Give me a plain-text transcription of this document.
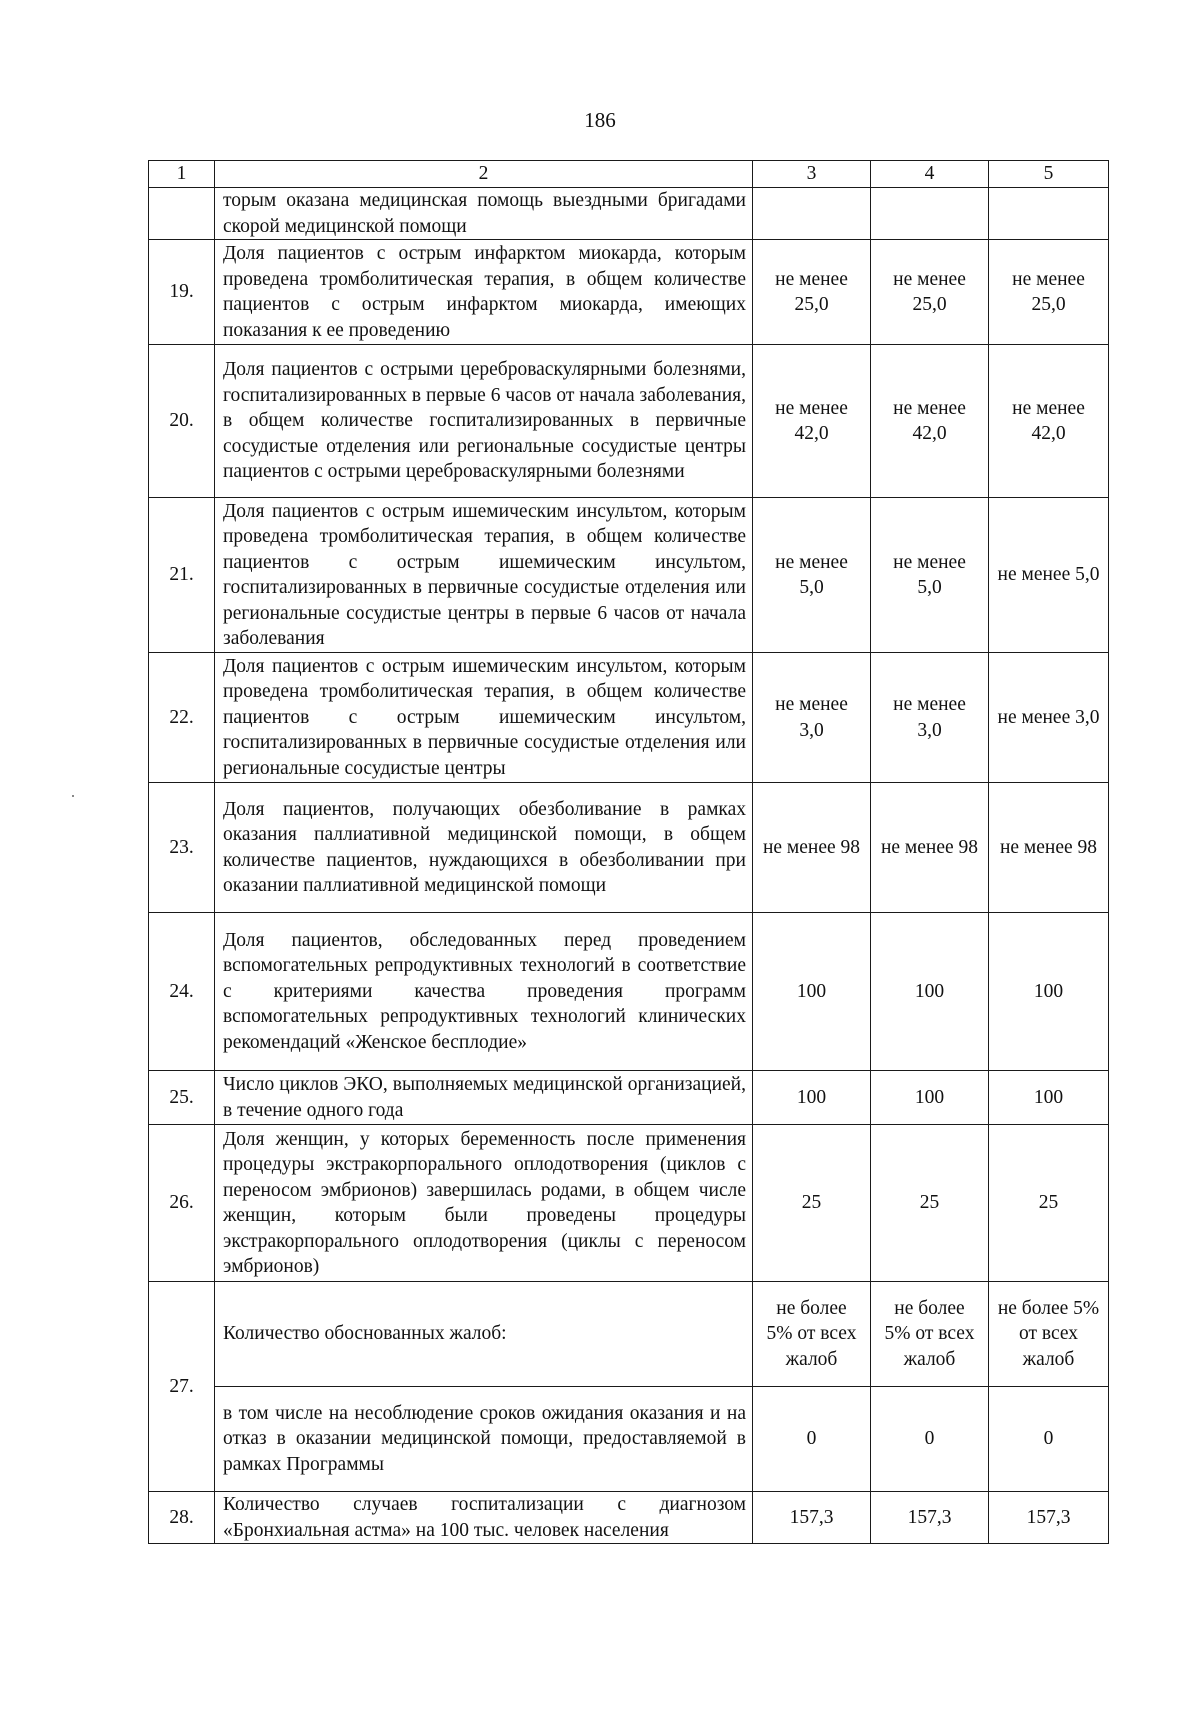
186
1	2	3	4	5
	торым оказана медицинская помощь выездными бригадами скорой медицинской помощи			
19.	Доля пациентов с острым инфарктом миокарда, которым проведена тромболитическая терапия, в общем количестве пациентов с острым инфарктом миокарда, имеющих показания к ее проведению	не менее 25,0	не менее 25,0	не менее 25,0
20.	Доля пациентов с острыми цереброваскулярными болезнями, госпитализированных в первые 6 часов от начала заболевания, в общем количестве госпитализированных в первичные сосудистые отделения или региональные сосудистые центры пациентов с острыми цереброваскулярными болезнями	не менее 42,0	не менее 42,0	не менее 42,0
21.	Доля пациентов с острым ишемическим инсультом, которым проведена тромболитическая терапия, в общем количестве пациентов с острым ишемическим инсультом, госпитализированных в первичные сосудистые отделения или региональные сосудистые центры в первые 6 часов от начала заболевания	не менее 5,0	не менее 5,0	не менее 5,0
22.	Доля пациентов с острым ишемическим инсультом, которым проведена тромболитическая терапия, в общем количестве пациентов с острым ишемическим инсультом, госпитализированных в первичные сосудистые отделения или региональные сосудистые центры	не менее 3,0	не менее 3,0	не менее 3,0
23.	Доля пациентов, получающих обезболивание в рамках оказания паллиативной медицинской помощи, в общем количестве пациентов, нуждающихся в обезболивании при оказании паллиативной медицинской помощи	не менее 98	не менее 98	не менее 98
24.	Доля пациентов, обследованных перед проведением вспомогательных репродуктивных технологий в соответствие с критериями качества проведения программ вспомогательных репродуктивных технологий клинических рекомендаций «Женское бесплодие»	100	100	100
25.	Число циклов ЭКО, выполняемых медицинской организацией, в течение одного года	100	100	100
26.	Доля женщин, у которых беременность после применения процедуры экстракорпорального оплодотворения (циклов с переносом эмбрионов) завершилась родами, в общем числе женщин, которым были проведены процедуры экстракорпорального оплодотворения (циклы с переносом эмбрионов)	25	25	25
27.	Количество обоснованных жалоб:	не более 5% от всех жалоб	не более 5% от всех жалоб	не более 5% от всех жалоб
	в том числе на несоблюдение сроков ожидания оказания и на отказ в оказании медицинской помощи, предоставляемой в рамках Программы	0	0	0
28.	Количество случаев госпитализации с диагнозом «Бронхиальная астма» на 100 тыс. человек населения	157,3	157,3	157,3
